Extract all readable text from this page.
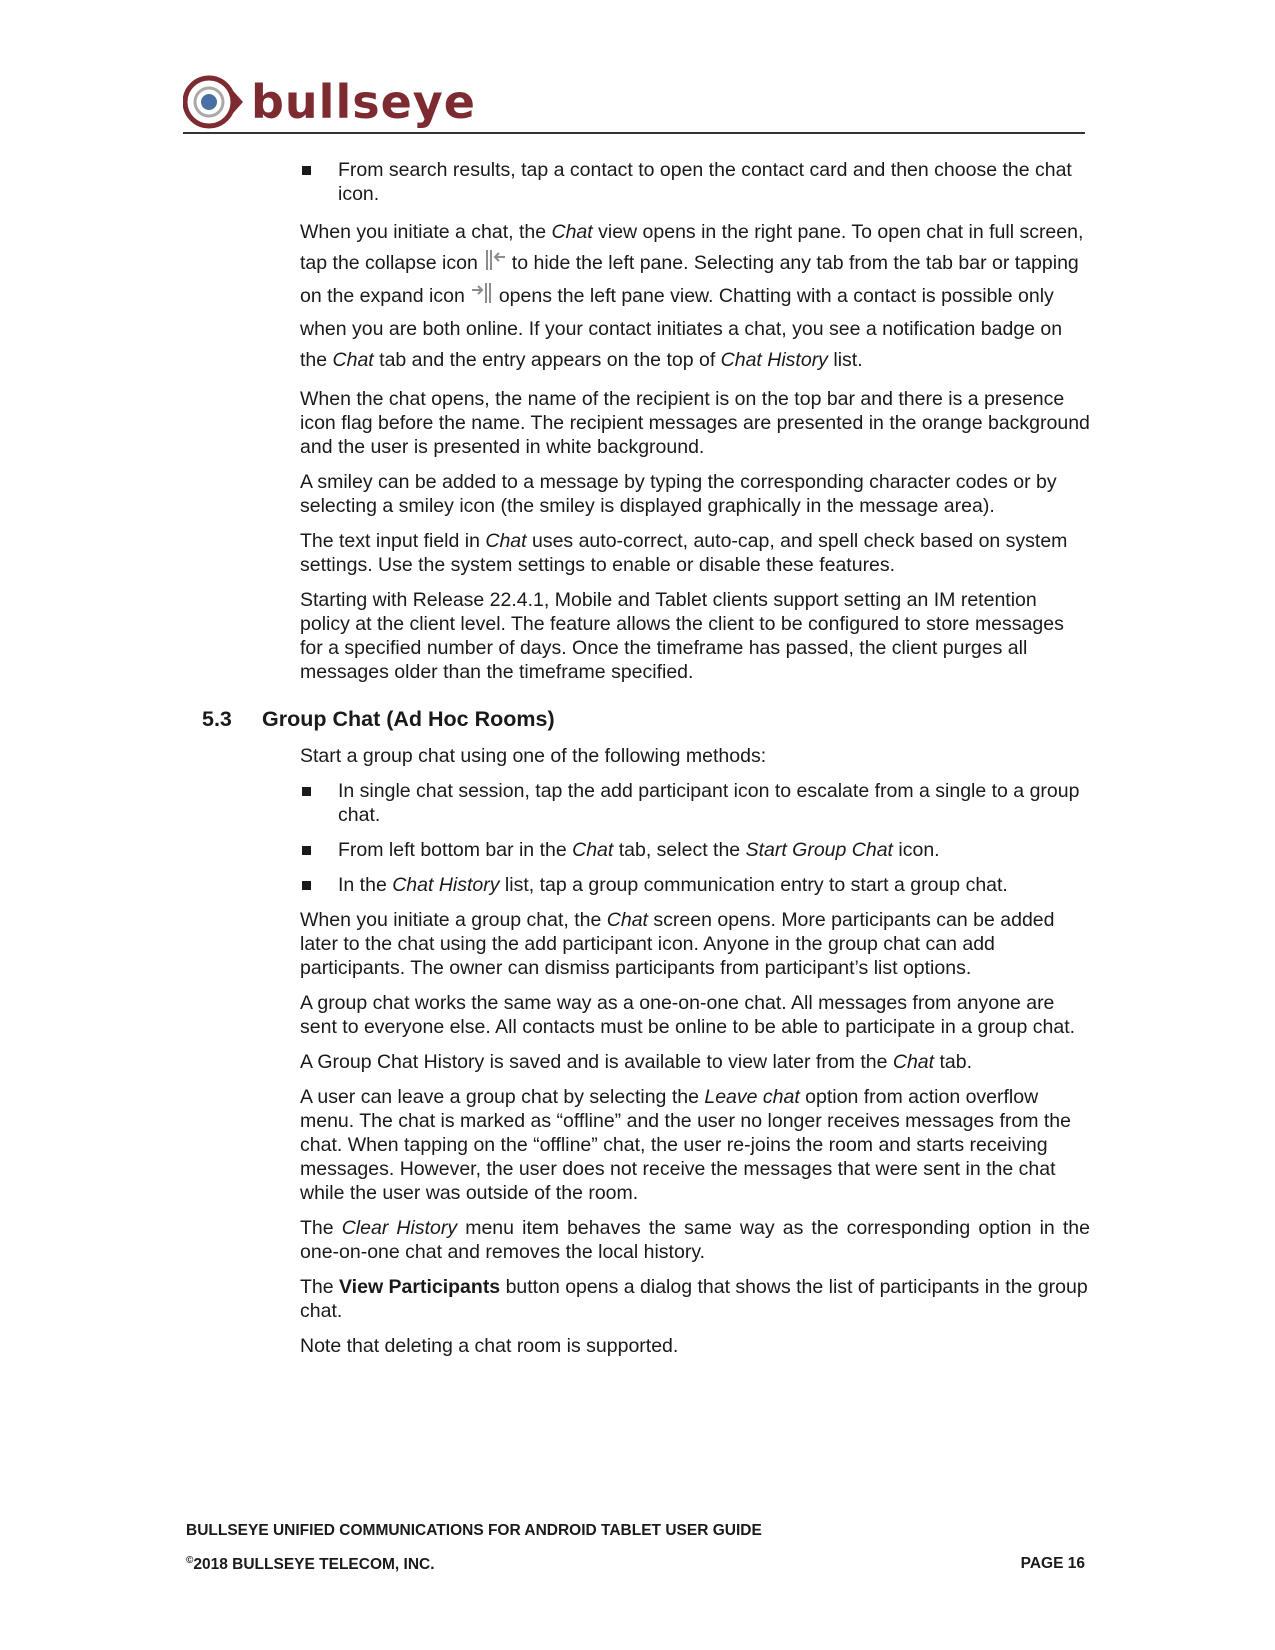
bullseye
From search results, tap a contact to open the contact card and then choose the chat icon.

When you initiate a chat, the Chat view opens in the right pane. To open chat in full screen, tap the collapse icon to hide the left pane. Selecting any tab from the tab bar or tapping on the expand icon opens the left pane view. Chatting with a contact is possible only when you are both online. If your contact initiates a chat, you see a notification badge on the Chat tab and the entry appears on the top of Chat History list.

When the chat opens, the name of the recipient is on the top bar and there is a presence icon flag before the name. The recipient messages are presented in the orange background and the user is presented in white background.

A smiley can be added to a message by typing the corresponding character codes or by selecting a smiley icon (the smiley is displayed graphically in the message area).

The text input field in Chat uses auto-correct, auto-cap, and spell check based on system settings. Use the system settings to enable or disable these features.

Starting with Release 22.4.1, Mobile and Tablet clients support setting an IM retention policy at the client level. The feature allows the client to be configured to store messages for a specified number of days. Once the timeframe has passed, the client purges all messages older than the timeframe specified.

5.3 Group Chat (Ad Hoc Rooms)

Start a group chat using one of the following methods:

In single chat session, tap the add participant icon to escalate from a single to a group chat.
From left bottom bar in the Chat tab, select the Start Group Chat icon.
In the Chat History list, tap a group communication entry to start a group chat.

When you initiate a group chat, the Chat screen opens. More participants can be added later to the chat using the add participant icon. Anyone in the group chat can add participants. The owner can dismiss participants from participant’s list options.

A group chat works the same way as a one-on-one chat. All messages from anyone are sent to everyone else. All contacts must be online to be able to participate in a group chat.

A Group Chat History is saved and is available to view later from the Chat tab.

A user can leave a group chat by selecting the Leave chat option from action overflow menu. The chat is marked as “offline” and the user no longer receives messages from the chat. When tapping on the “offline” chat, the user re-joins the room and starts receiving messages. However, the user does not receive the messages that were sent in the chat while the user was outside of the room.

The Clear History menu item behaves the same way as the corresponding option in the one-on-one chat and removes the local history.

The View Participants button opens a dialog that shows the list of participants in the group chat.

Note that deleting a chat room is supported.

BULLSEYE UNIFIED COMMUNICATIONS FOR ANDROID TABLET USER GUIDE
©2018 BULLSEYE TELECOM, INC.	PAGE 16
